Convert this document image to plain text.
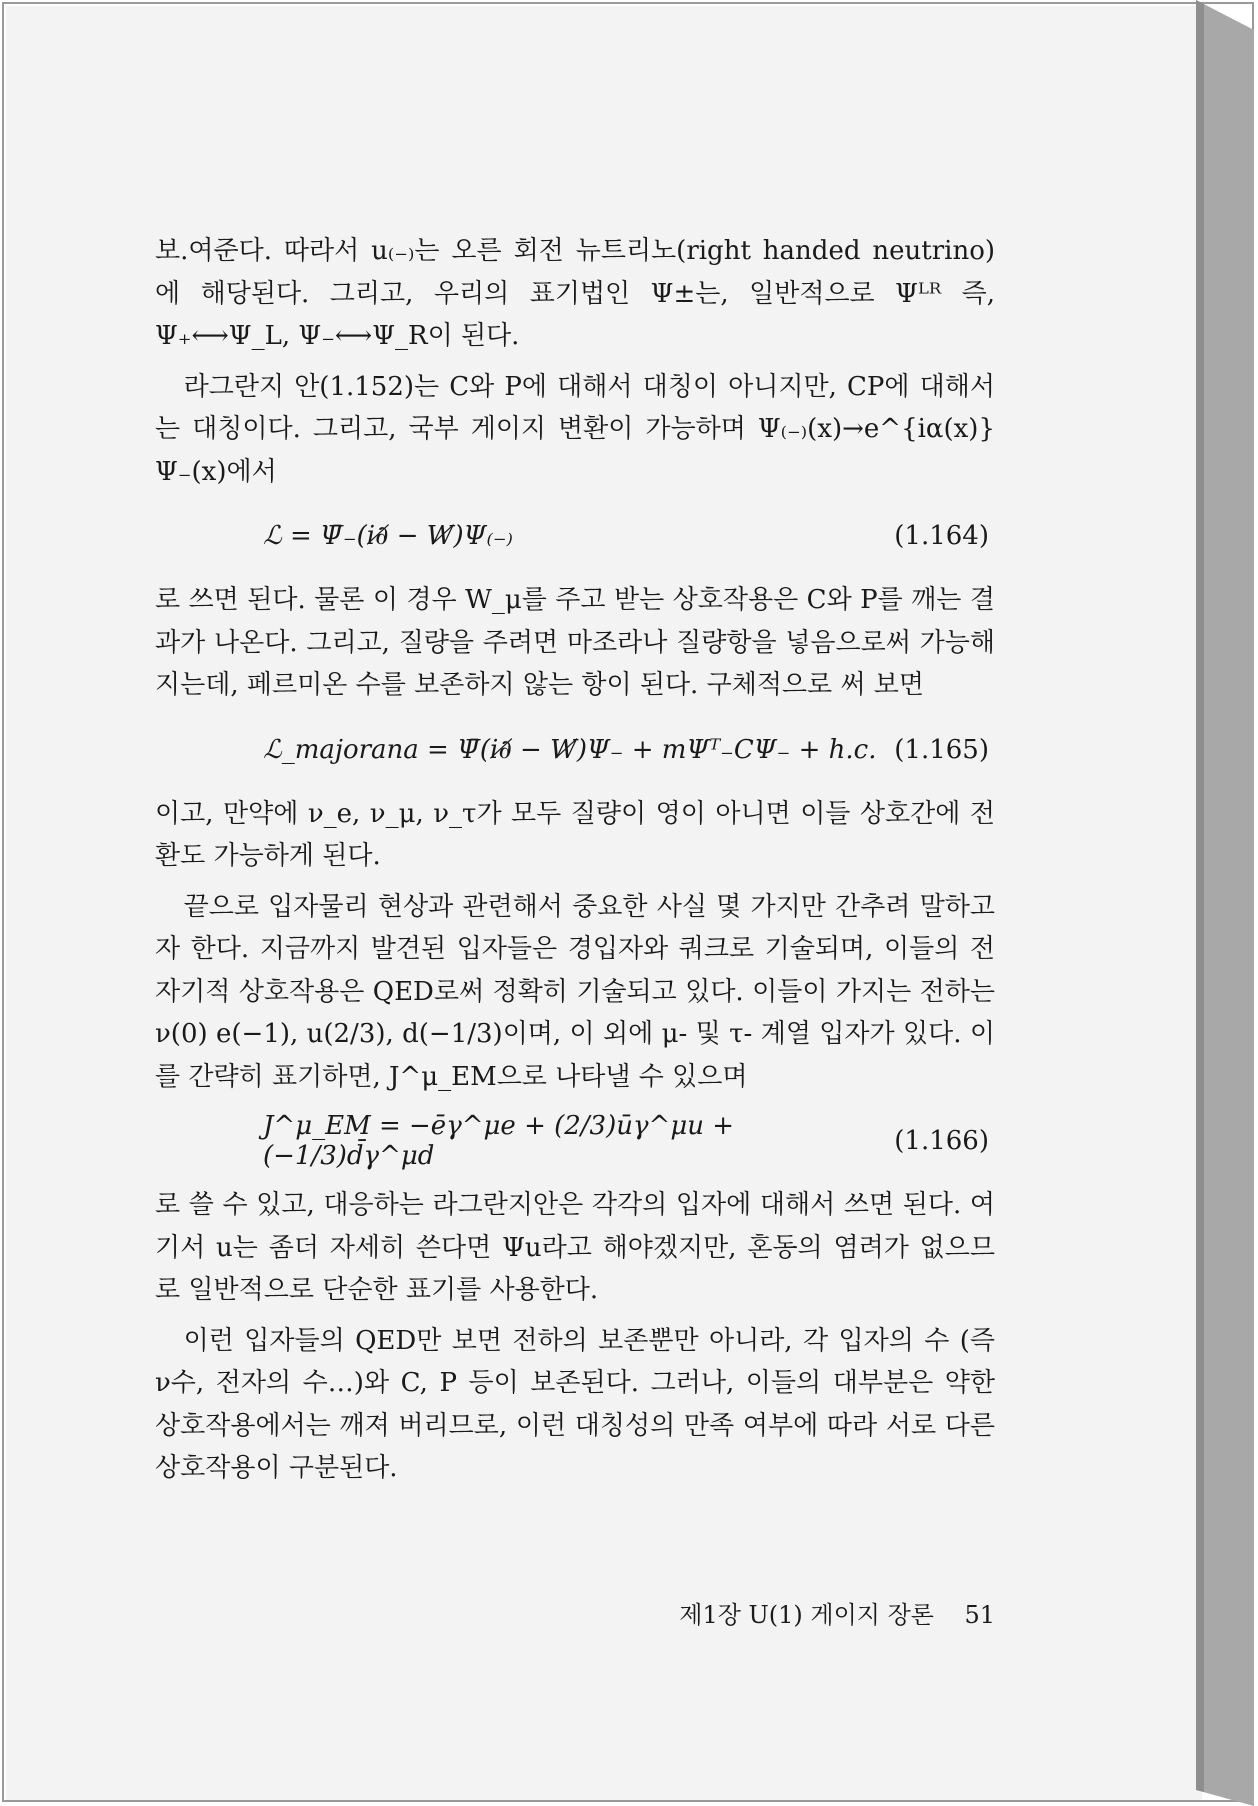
보.여준다. 따라서 u₍₋₎는 오른 회전 뉴트리노(right handed neutrino) 에 해당된다. 그리고, 우리의 표기법인 Ψ±는, 일반적으로 Ψᴸᴿ 즉, Ψ₊⟷Ψ_L, Ψ₋⟷Ψ_R이 된다.

라그란지 안(1.152)는 C와 P에 대해서 대칭이 아니지만, CP에 대해서는 대칭이다. 그리고, 국부 게이지 변환이 가능하며 Ψ₍₋₎(x)→e^{iα(x)} Ψ₋(x)에서

ℒ = Ψ̄₋(i∂̸ − W̸)Ψ₍₋₎	(1.164)

로 쓰면 된다. 물론 이 경우 W_μ를 주고 받는 상호작용은 C와 P를 깨는 결과가 나온다. 그리고, 질량을 주려면 마조라나 질량항을 넣음으로써 가능해지는데, 페르미온 수를 보존하지 않는 항이 된다. 구체적으로 써 보면

ℒ_majorana = Ψ̄(i∂̸ − W̸)Ψ₋ + mΨᵀ₋CΨ₋ + h.c. (1.165)

이고, 만약에 ν_e, ν_μ, ν_τ가 모두 질량이 영이 아니면 이들 상호간에 전환도 가능하게 된다.

끝으로 입자물리 현상과 관련해서 중요한 사실 몇 가지만 간추려 말하고자 한다. 지금까지 발견된 입자들은 경입자와 쿼크로 기술되며, 이들의 전자기적 상호작용은 QED로써 정확히 기술되고 있다. 이들이 가지는 전하는 ν(0) e(−1), u(2/3), d(−1/3)이며, 이 외에 μ- 및 τ- 계열 입자가 있다. 이를 간략히 표기하면, J^μ_EM으로 나타낼 수 있으며

J^μ_EM = −ēγ^μe + (2/3)ūγ^μu + (−1/3)d̄γ^μd	(1.166)

로 쓸 수 있고, 대응하는 라그란지안은 각각의 입자에 대해서 쓰면 된다. 여기서 u는 좀더 자세히 쓴다면 Ψu라고 해야겠지만, 혼동의 염려가 없으므로 일반적으로 단순한 표기를 사용한다.

이런 입자들의 QED만 보면 전하의 보존뿐만 아니라, 각 입자의 수 (즉 ν수, 전자의 수…)와 C, P 등이 보존된다. 그러나, 이들의 대부분은 약한 상호작용에서는 깨져 버리므로, 이런 대칭성의 만족 여부에 따라 서로 다른 상호작용이 구분된다.

제1장 U(1) 게이지 장론 51
